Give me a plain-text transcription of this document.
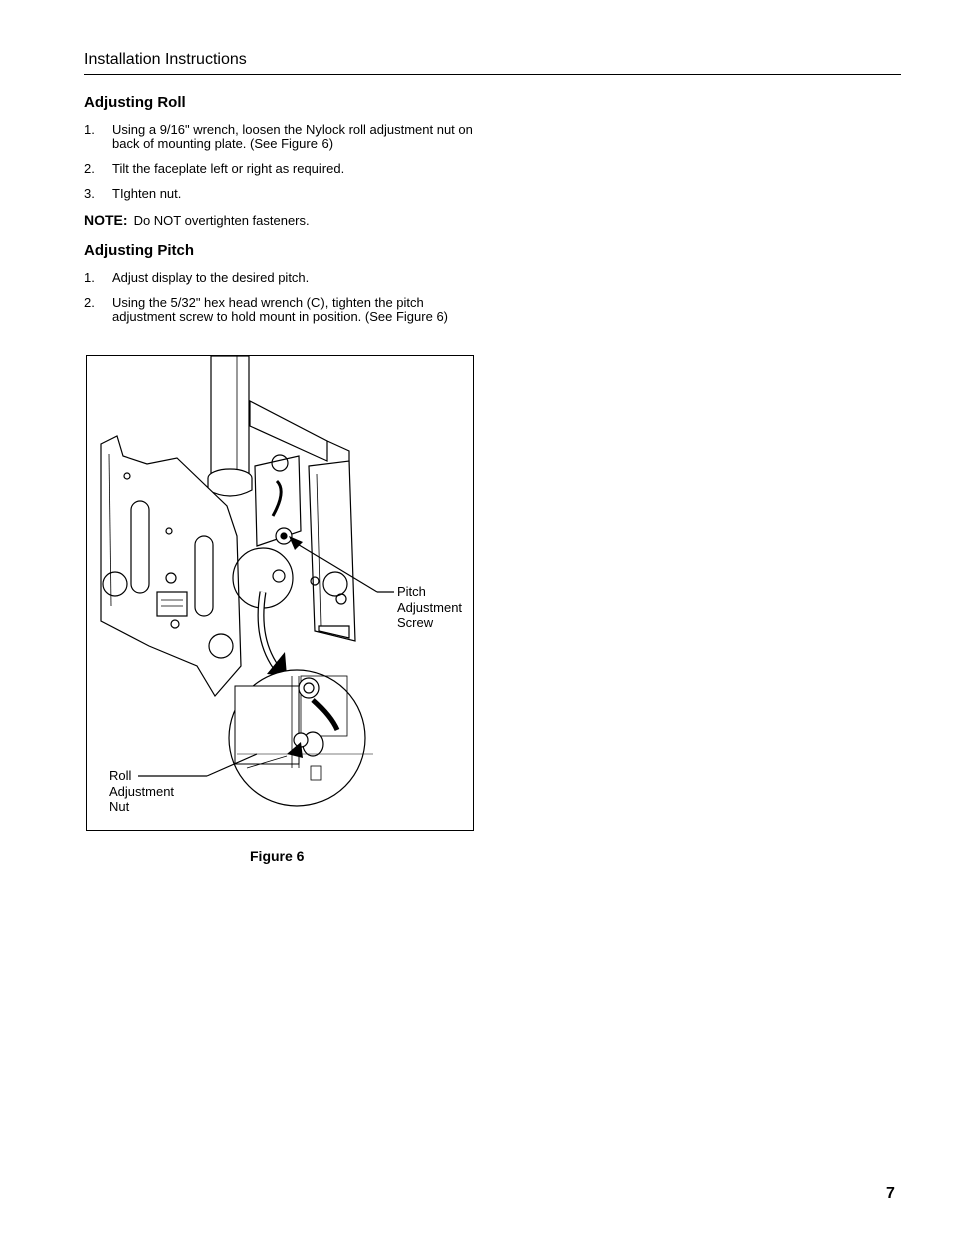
Installation Instructions
Adjusting Roll
1. Using a 9/16" wrench, loosen the Nylock roll adjustment nut on back of mounting plate. (See Figure 6)
2. Tilt the faceplate left or right as required.
3. TIghten nut.
NOTE: Do NOT overtighten fasteners.
Adjusting Pitch
1. Adjust display to the desired pitch.
2. Using the 5/32" hex head wrench (C), tighten the pitch adjustment screw to hold mount in position. (See Figure 6)
Pitch
Adjustment
Screw
Roll
Adjustment
Nut
Figure 6
7
